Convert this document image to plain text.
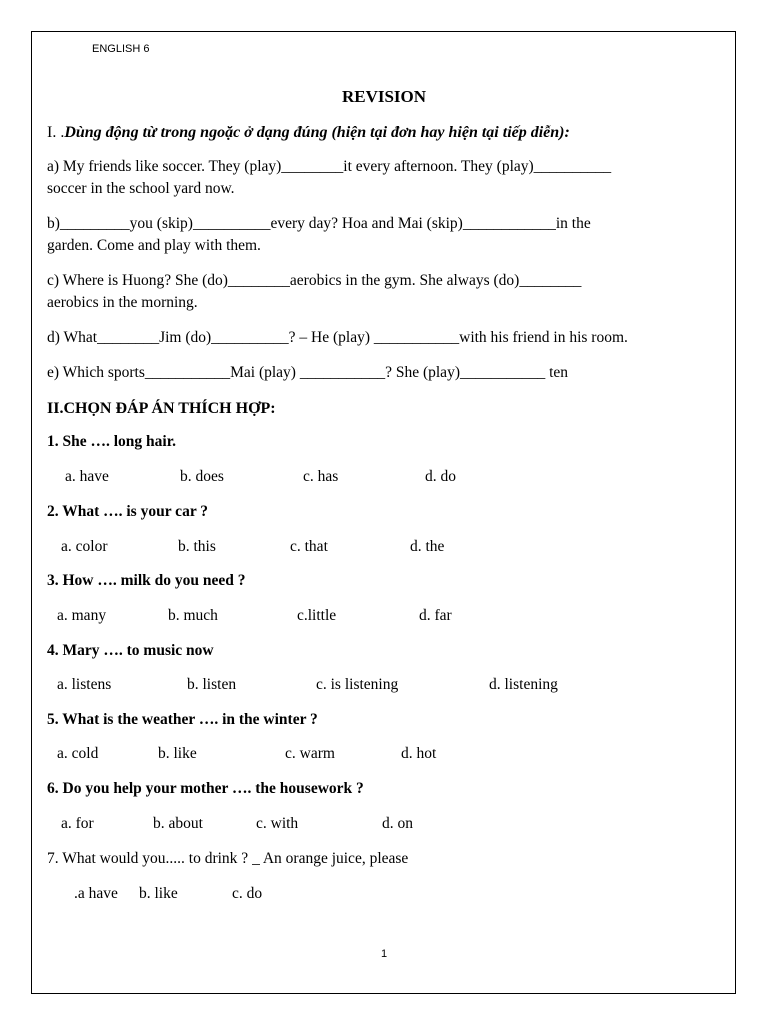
ENGLISH 6
REVISION
I. .Dùng động từ trong ngoặc ở dạng đúng (hiện tại đơn hay hiện tại tiếp diễn):
a) My friends like soccer. They (play)________it every afternoon. They (play)__________
soccer in the school yard now.
b)_________you (skip)__________every day? Hoa and Mai (skip)____________in the
garden. Come and play with them.
c) Where is Huong? She (do)________aerobics in the gym. She always (do)________
aerobics in the morning.
d) What________Jim (do)__________? – He (play) ___________with his friend in his room.
e) Which sports___________Mai (play) ___________? She (play)___________ ten
II.CHỌN ĐÁP ÁN THÍCH HỢP:
1. She …. long hair.
a. have	b. does	c. has	d. do
2. What …. is your car ?
a. color	b. this	c. that	d. the
3. How …. milk do you need ?
a. many	b. much	c.little	d. far
4. Mary …. to music now
a. listens	b. listen	c. is listening	d. listening
5. What is the weather …. in the winter ?
a. cold	b. like	c. warm	d. hot
6. Do you help your mother …. the housework ?
a. for	b. about	c. with	d. on
7. What would you..... to drink ? _ An orange juice, please
.a have b. like	c. do
1
